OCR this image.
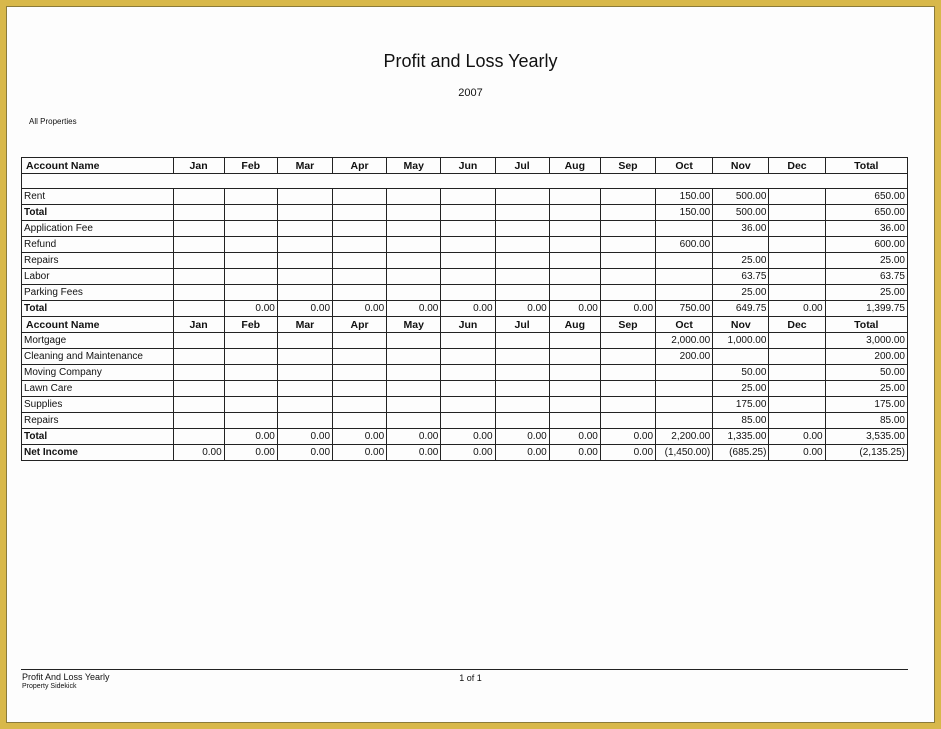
Profit and Loss Yearly
2007
All Properties
Account Name	Jan	Feb	Mar	Apr	May	Jun	Jul	Aug	Sep	Oct	Nov	Dec	Total

Rent										150.00	500.00		650.00
Total										150.00	500.00		650.00
Application Fee											36.00		36.00
Refund										600.00			600.00
Repairs											25.00		25.00
Labor											63.75		63.75
Parking Fees											25.00		25.00
Total		0.00	0.00	0.00	0.00	0.00	0.00	0.00	0.00	750.00	649.75	0.00	1,399.75
Account Name	Jan	Feb	Mar	Apr	May	Jun	Jul	Aug	Sep	Oct	Nov	Dec	Total
Mortgage										2,000.00	1,000.00		3,000.00
Cleaning and Maintenance										200.00			200.00
Moving Company											50.00		50.00
Lawn Care											25.00		25.00
Supplies											175.00		175.00
Repairs											85.00		85.00
Total		0.00	0.00	0.00	0.00	0.00	0.00	0.00	0.00	2,200.00	1,335.00	0.00	3,535.00
Net Income	0.00	0.00	0.00	0.00	0.00	0.00	0.00	0.00	0.00	(1,450.00)	(685.25)	0.00	(2,135.25)
Profit And Loss Yearly
Property Sidekick
1 of 1
